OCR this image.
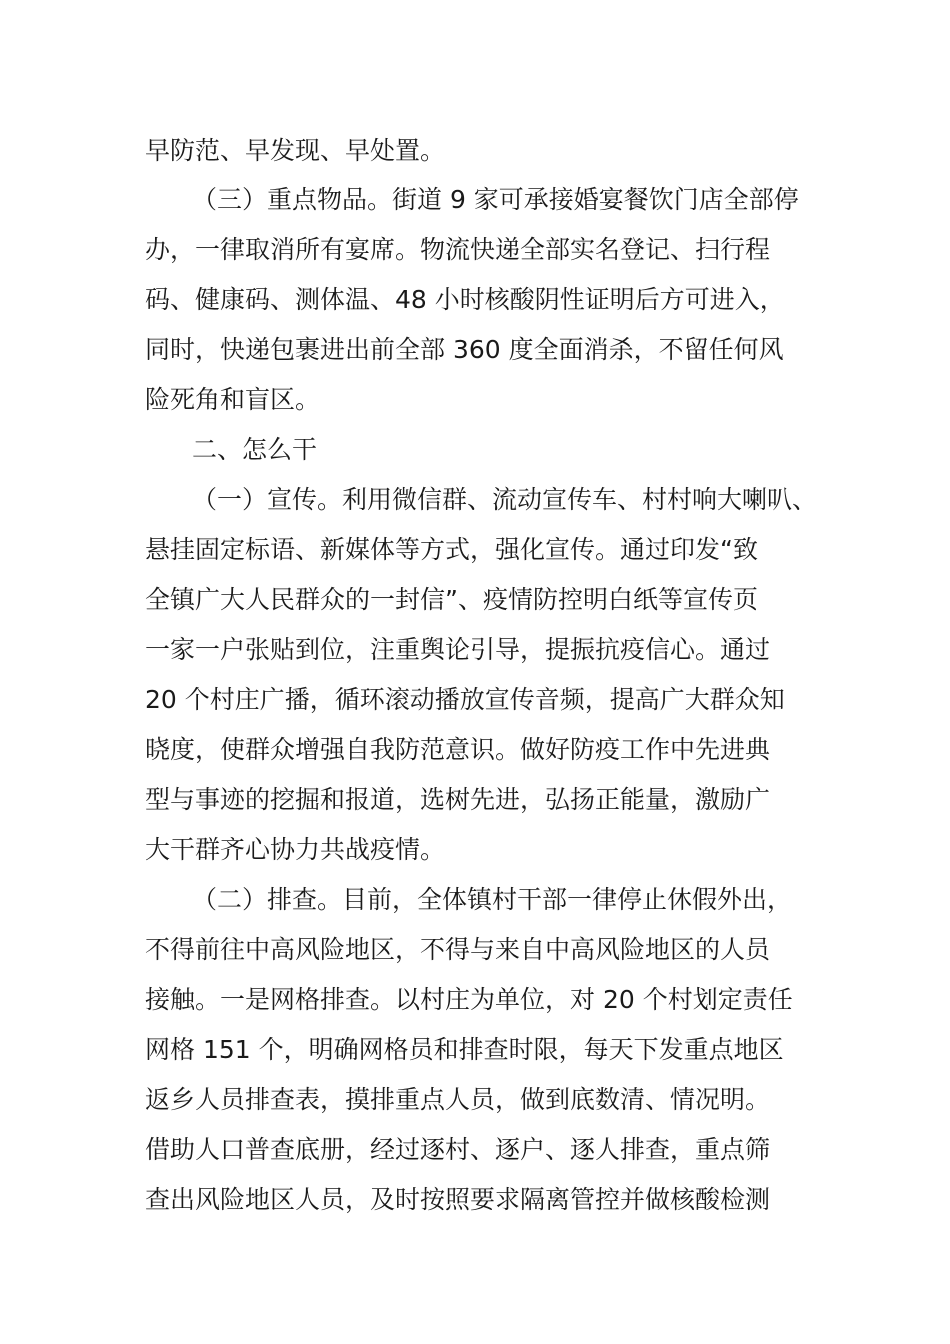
早防范、早发现、早处置。
（三）重点物品。街道 9 家可承接婚宴餐饮门店全部停
办，一律取消所有宴席。物流快递全部实名登记、扫行程
码、健康码、测体温、48 小时核酸阴性证明后方可进入，
同时，快递包裹进出前全部 360 度全面消杀，不留任何风
险死角和盲区。
二、怎么干
（一）宣传。利用微信群、流动宣传车、村村响大喇叭、
悬挂固定标语、新媒体等方式，强化宣传。通过印发“致
全镇广大人民群众的一封信”、疫情防控明白纸等宣传页
一家一户张贴到位，注重舆论引导，提振抗疫信心。通过
20 个村庄广播，循环滚动播放宣传音频，提高广大群众知
晓度，使群众增强自我防范意识。做好防疫工作中先进典
型与事迹的挖掘和报道，选树先进，弘扬正能量，激励广
大干群齐心协力共战疫情。
（二）排查。目前，全体镇村干部一律停止休假外出，
不得前往中高风险地区，不得与来自中高风险地区的人员
接触。一是网格排查。以村庄为单位，对 20 个村划定责任
网格 151 个，明确网格员和排查时限，每天下发重点地区
返乡人员排查表，摸排重点人员，做到底数清、情况明。
借助人口普查底册，经过逐村、逐户、逐人排查，重点筛
查出风险地区人员，及时按照要求隔离管控并做核酸检测
